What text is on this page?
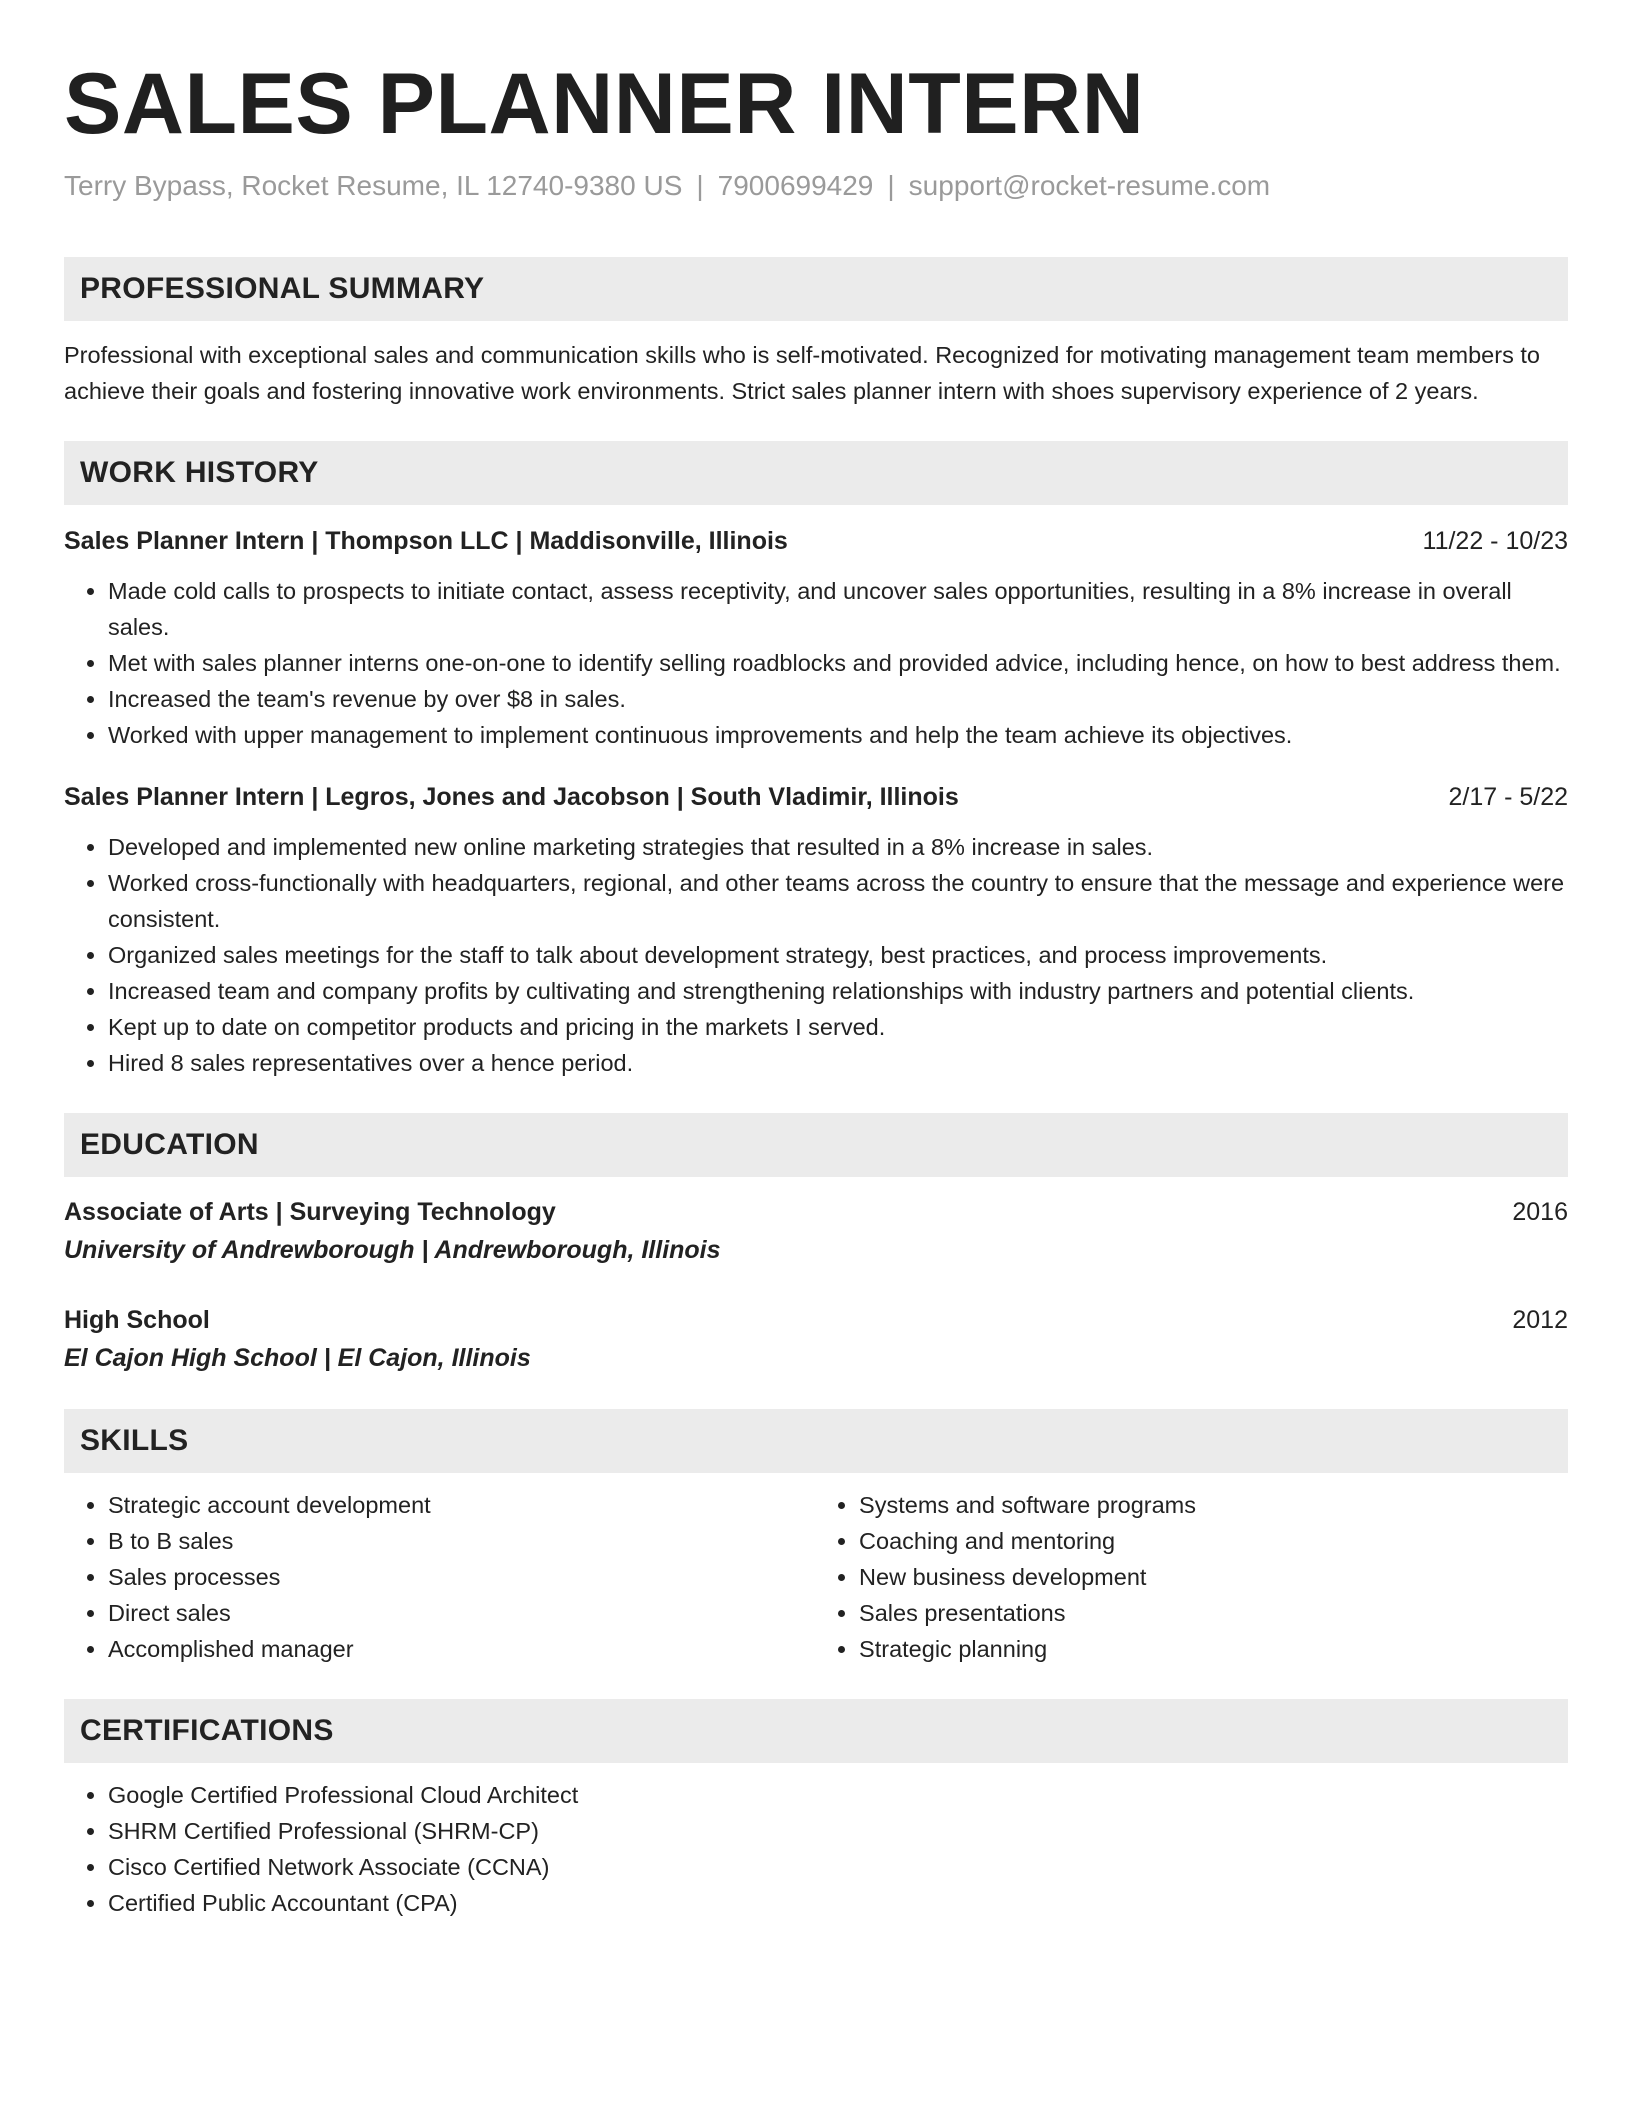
SALES PLANNER INTERN
Terry Bypass, Rocket Resume, IL 12740-9380 US | 7900699429 | support@rocket-resume.com
PROFESSIONAL SUMMARY
Professional with exceptional sales and communication skills who is self-motivated. Recognized for motivating management team members to achieve their goals and fostering innovative work environments. Strict sales planner intern with shoes supervisory experience of 2 years.
WORK HISTORY
Sales Planner Intern | Thompson LLC | Maddisonville, Illinois	11/22 - 10/23
• Made cold calls to prospects to initiate contact, assess receptivity, and uncover sales opportunities, resulting in a 8% increase in overall sales.
• Met with sales planner interns one-on-one to identify selling roadblocks and provided advice, including hence, on how to best address them.
• Increased the team's revenue by over $8 in sales.
• Worked with upper management to implement continuous improvements and help the team achieve its objectives.
Sales Planner Intern | Legros, Jones and Jacobson | South Vladimir, Illinois	2/17 - 5/22
• Developed and implemented new online marketing strategies that resulted in a 8% increase in sales.
• Worked cross-functionally with headquarters, regional, and other teams across the country to ensure that the message and experience were consistent.
• Organized sales meetings for the staff to talk about development strategy, best practices, and process improvements.
• Increased team and company profits by cultivating and strengthening relationships with industry partners and potential clients.
• Kept up to date on competitor products and pricing in the markets I served.
• Hired 8 sales representatives over a hence period.
EDUCATION
Associate of Arts | Surveying Technology	2016
University of Andrewborough | Andrewborough, Illinois
High School	2012
El Cajon High School | El Cajon, Illinois
SKILLS
• Strategic account development
• B to B sales
• Sales processes
• Direct sales
• Accomplished manager
• Systems and software programs
• Coaching and mentoring
• New business development
• Sales presentations
• Strategic planning
CERTIFICATIONS
• Google Certified Professional Cloud Architect
• SHRM Certified Professional (SHRM-CP)
• Cisco Certified Network Associate (CCNA)
• Certified Public Accountant (CPA)
